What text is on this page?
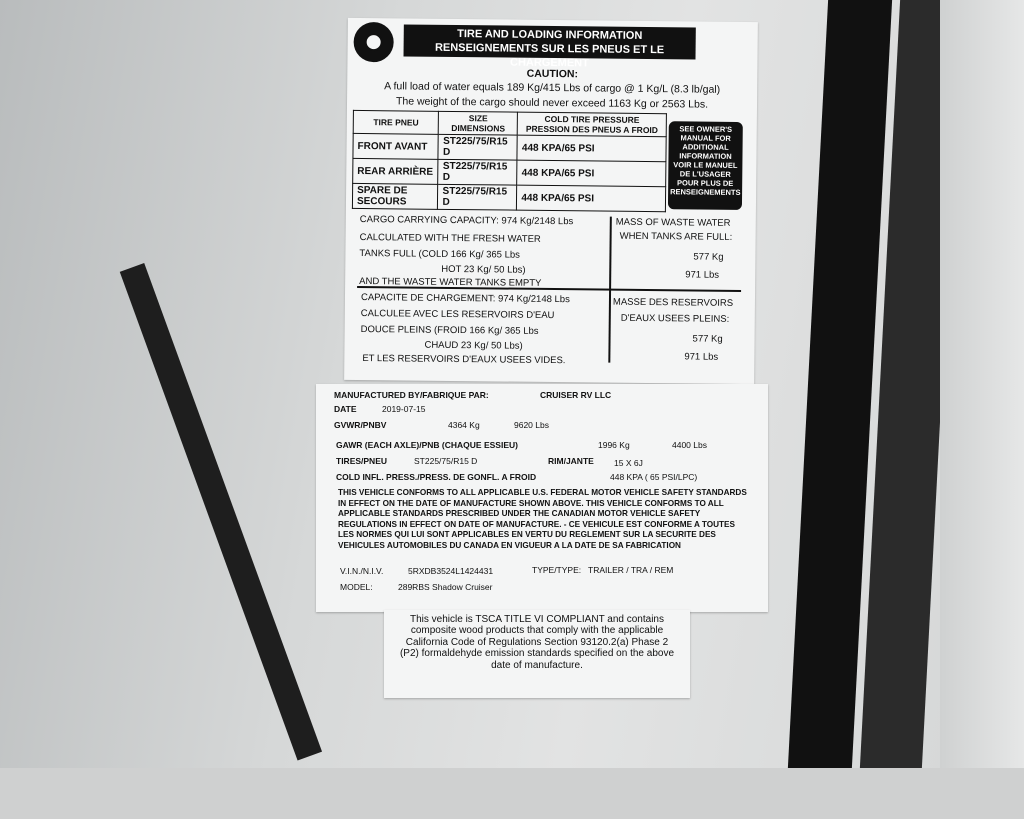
TIRE AND LOADING INFORMATION
RENSEIGNEMENTS SUR LES PNEUS ET LE CHARGEMENT
CAUTION:
A full load of water equals 189 Kg/415 Lbs of cargo @ 1 Kg/L (8.3 lb/gal)
The weight of the cargo should never exceed 1163 Kg or 2563 Lbs.
TIRE PNEU	SIZE DIMENSIONS	COLD TIRE PRESSURE PRESSION DES PNEUS A FROID
FRONT AVANT	ST225/75/R15 D	448 KPA/65 PSI
REAR ARRIÈRE	ST225/75/R15 D	448 KPA/65 PSI
SPARE DE SECOURS	ST225/75/R15 D	448 KPA/65 PSI
SEE OWNER'S MANUAL FOR ADDITIONAL INFORMATION VOIR LE MANUEL DE L'USAGER POUR PLUS DE RENSEIGNEMENTS
CARGO CARRYING CAPACITY: 974 Kg/2148 Lbs
CALCULATED WITH THE FRESH WATER
TANKS FULL (COLD 166 Kg/ 365 Lbs
HOT 23 Kg/ 50 Lbs)
AND THE WASTE WATER TANKS EMPTY
MASS OF WASTE WATER
WHEN TANKS ARE FULL:
577 Kg
971 Lbs
CAPACITE DE CHARGEMENT: 974 Kg/2148 Lbs
CALCULEE AVEC LES RESERVOIRS D'EAU
DOUCE PLEINS (FROID 166 Kg/ 365 Lbs
CHAUD 23 Kg/ 50 Lbs)
ET LES RESERVOIRS D'EAUX USEES VIDES.
MASSE DES RESERVOIRS
D'EAUX USEES PLEINS:
577 Kg
971 Lbs
MANUFACTURED BY/FABRIQUE PAR:	CRUISER RV LLC
DATE	2019-07-15
GVWR/PNBV	4364 Kg	9620 Lbs
GAWR (EACH AXLE)/PNB (CHAQUE ESSIEU)	1996 Kg	4400 Lbs
TIRES/PNEU	ST225/75/R15 D	RIM/JANTE 15 X 6J
COLD INFL. PRESS./PRESS. DE GONFL. A FROID	448 KPA ( 65 PSI/LPC)
THIS VEHICLE CONFORMS TO ALL APPLICABLE U.S. FEDERAL MOTOR VEHICLE SAFETY STANDARDS IN EFFECT ON THE DATE OF MANUFACTURE SHOWN ABOVE. THIS VEHICLE CONFORMS TO ALL APPLICABLE STANDARDS PRESCRIBED UNDER THE CANADIAN MOTOR VEHICLE SAFETY REGULATIONS IN EFFECT ON DATE OF MANUFACTURE. - CE VEHICULE EST CONFORME A TOUTES LES NORMES QUI LUI SONT APPLICABLES EN VERTU DU REGLEMENT SUR LA SECURITE DES VEHICULES AUTOMOBILES DU CANADA EN VIGUEUR A LA DATE DE SA FABRICATION
V.I.N./N.I.V.	5RXDB3524L1424431	TYPE/TYPE: TRAILER / TRA / REM
MODEL:	289RBS Shadow Cruiser
This vehicle is TSCA TITLE VI COMPLIANT and contains composite wood products that comply with the applicable California Code of Regulations Section 93120.2(a) Phase 2 (P2) formaldehyde emission standards specified on the above date of manufacture.
